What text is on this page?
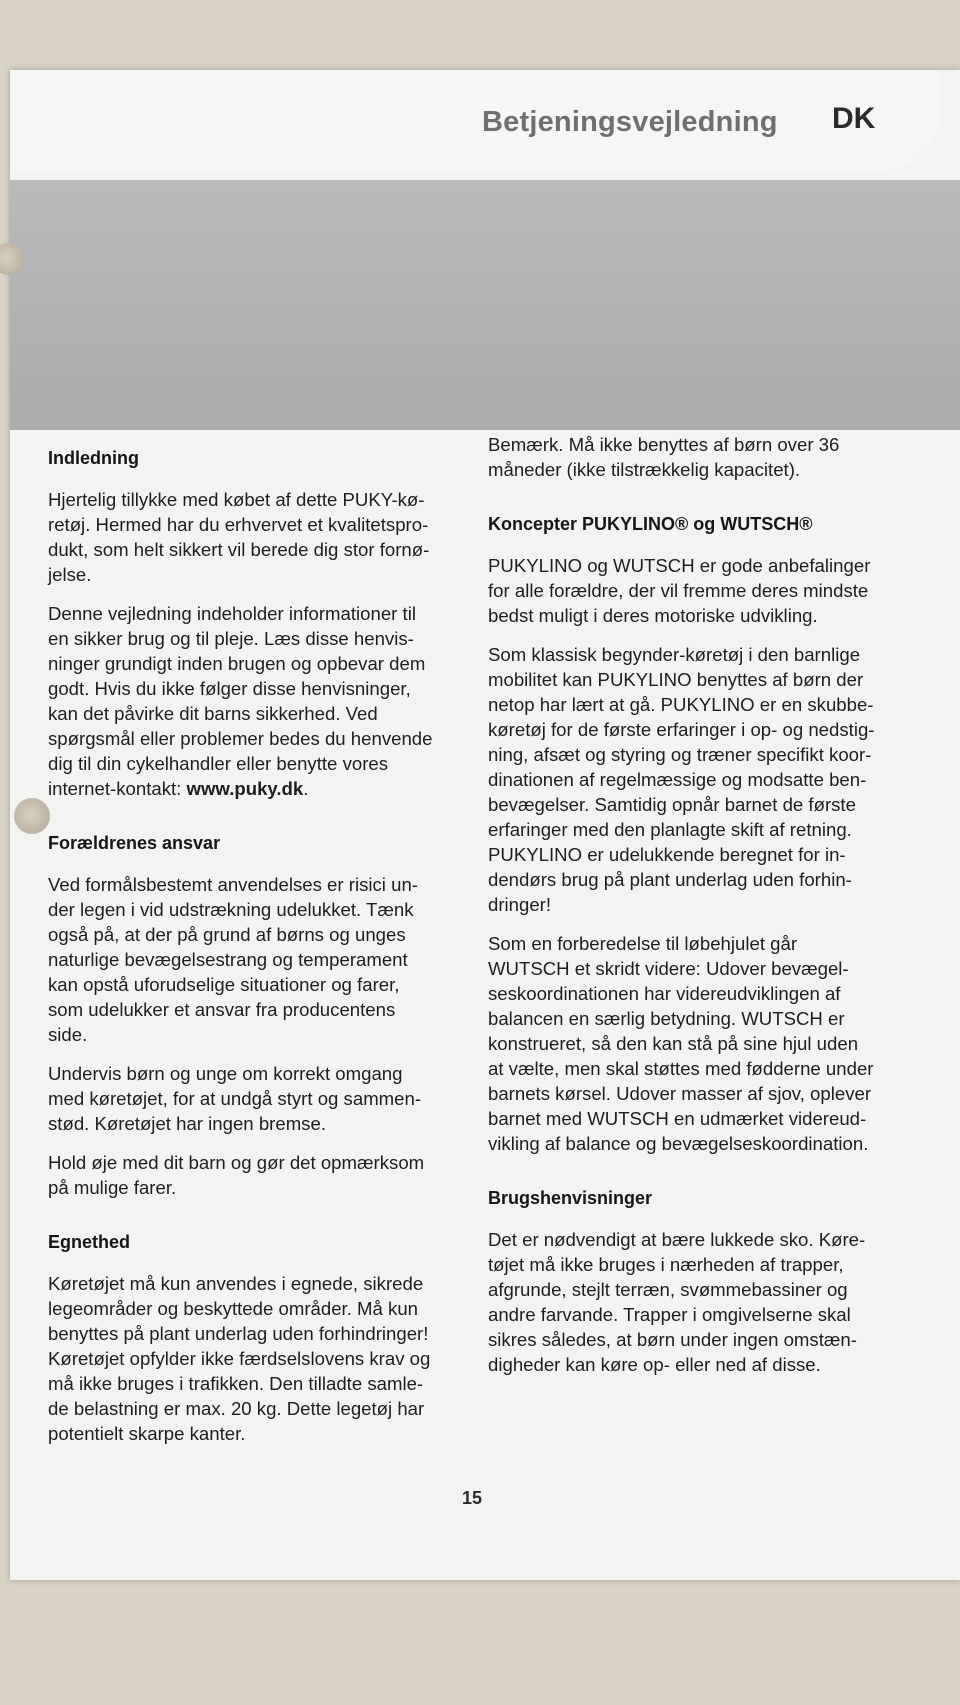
Betjeningsvejledning DK
Indledning
Hjertelig tillykke med købet af dette PUKY-kø-
retøj. Hermed har du erhvervet et kvalitetspro-
dukt, som helt sikkert vil berede dig stor fornø-
jelse.
Denne vejledning indeholder informationer til
en sikker brug og til pleje. Læs disse henvis-
ninger grundigt inden brugen og opbevar dem
godt. Hvis du ikke følger disse henvisninger,
kan det påvirke dit barns sikkerhed. Ved
spørgsmål eller problemer bedes du henvende
dig til din cykelhandler eller benytte vores
internet-kontakt: www.puky.dk.
Forældrenes ansvar
Ved formålsbestemt anvendelses er risici un-
der legen i vid udstrækning udelukket. Tænk
også på, at der på grund af børns og unges
naturlige bevægelsestrang og temperament
kan opstå uforudselige situationer og farer,
som udelukker et ansvar fra producentens
side.
Undervis børn og unge om korrekt omgang
med køretøjet, for at undgå styrt og sammen-
stød. Køretøjet har ingen bremse.
Hold øje med dit barn og gør det opmærksom
på mulige farer.
Egnethed
Køretøjet må kun anvendes i egnede, sikrede
legeområder og beskyttede områder. Må kun
benyttes på plant underlag uden forhindringer!
Køretøjet opfylder ikke færdselslovens krav og
må ikke bruges i trafikken. Den tilladte samle-
de belastning er max. 20 kg. Dette legetøj har
potentielt skarpe kanter.
Bemærk. Må ikke benyttes af børn over 36
måneder (ikke tilstrækkelig kapacitet).
Koncepter PUKYLINO® og WUTSCH®
PUKYLINO og WUTSCH er gode anbefalinger
for alle forældre, der vil fremme deres mindste
bedst muligt i deres motoriske udvikling.
Som klassisk begynder-køretøj i den barnlige
mobilitet kan PUKYLINO benyttes af børn der
netop har lært at gå. PUKYLINO er en skubbe-
køretøj for de første erfaringer i op- og nedstig-
ning, afsæt og styring og træner specifikt koor-
dinationen af regelmæssige og modsatte ben-
bevægelser. Samtidig opnår barnet de første
erfaringer med den planlagte skift af retning.
PUKYLINO er udelukkende beregnet for in-
dendørs brug på plant underlag uden forhin-
dringer!
Som en forberedelse til løbehjulet går
WUTSCH et skridt videre: Udover bevægel-
seskoordinationen har videreudviklingen af
balancen en særlig betydning. WUTSCH er
konstrueret, så den kan stå på sine hjul uden
at vælte, men skal støttes med fødderne under
barnets kørsel. Udover masser af sjov, oplever
barnet med WUTSCH en udmærket videreud-
vikling af balance og bevægelseskoordination.
Brugshenvisninger
Det er nødvendigt at bære lukkede sko. Køre-
tøjet må ikke bruges i nærheden af trapper,
afgrunde, stejlt terræn, svømmebassiner og
andre farvande. Trapper i omgivelserne skal
sikres således, at børn under ingen omstæn-
digheder kan køre op- eller ned af disse.
15
